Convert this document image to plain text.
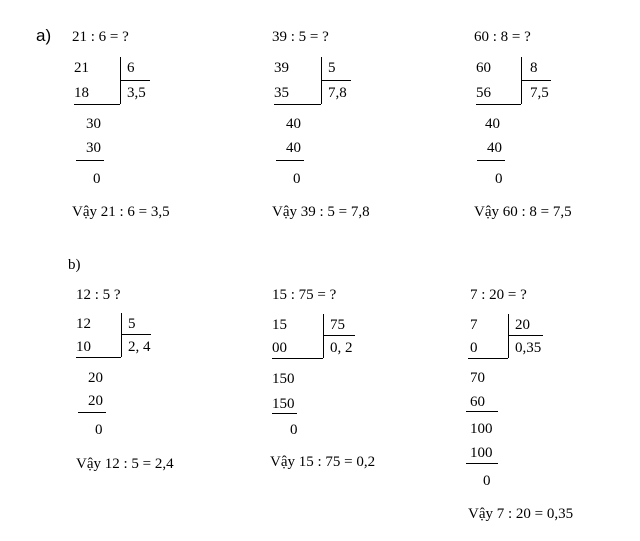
a) 21 : 6 = ?
21	6
18	3,5
30
30
0
Vậy 21 : 6 = 3,5
39 : 5 = ?
39	5
35	7,8
40
40
0
Vậy 39 : 5 = 7,8
60 : 8 = ?
60	8
56	7,5
40
40
0
Vậy 60 : 8 = 7,5
b)
12 : 5 ?
12 5
10 2, 4
20
20
0
Vậy 12 : 5 = 2,4
15 : 75 = ?
15	75
00	0, 2
150
150
0
Vậy 15 : 75 = 0,2
7 : 20 = ?
7	20
0	0,35
70
60
100
100
0
Vậy 7 : 20 = 0,35
